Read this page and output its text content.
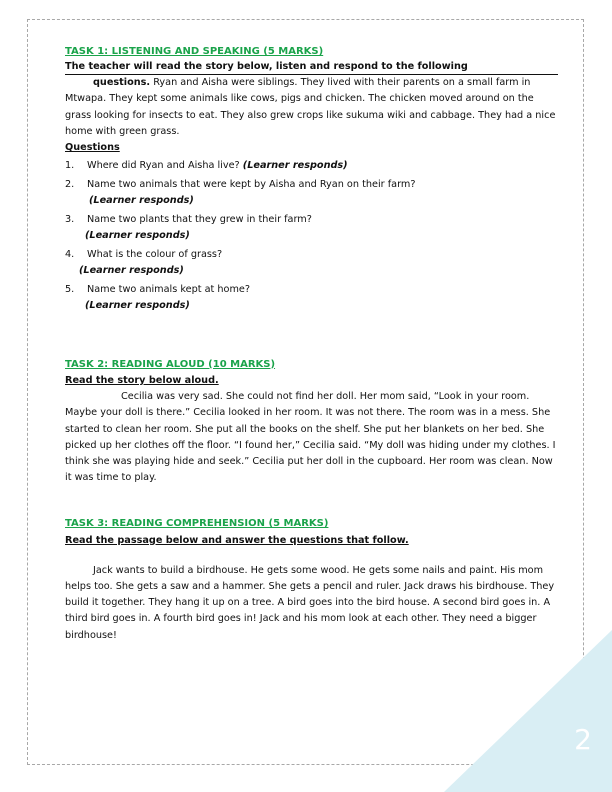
2

TASK 1: LISTENING AND SPEAKING (5 MARKS)

The teacher will read the story below, listen and respond to the following

questions. Ryan and Aisha were siblings. They lived with their parents on a small farm in Mtwapa. They kept some animals like cows, pigs and chicken. The chicken moved around on the grass looking for insects to eat. They also grew crops like sukuma wiki and cabbage. They had a nice home with green grass.

Questions

1. Where did Ryan and Aisha live? (Learner responds)
2. Name two animals that were kept by Aisha and Ryan on their farm?
(Learner responds)
3. Name two plants that they grew in their farm?
(Learner responds)
4. What is the colour of grass?
(Learner responds)
5. Name two animals kept at home?
(Learner responds)

TASK 2: READING ALOUD (10 MARKS)

Read the story below aloud.

Cecilia was very sad. She could not find her doll. Her mom said, “Look in your room. Maybe your doll is there.” Cecilia looked in her room. It was not there. The room was in a mess. She started to clean her room. She put all the books on the shelf. She put her blankets on her bed. She picked up her clothes off the floor. “I found her,” Cecilia said. “My doll was hiding under my clothes. I think she was playing hide and seek.” Cecilia put her doll in the cupboard. Her room was clean. Now it was time to play.

TASK 3: READING COMPREHENSION (5 MARKS)

Read the passage below and answer the questions that follow.

Jack wants to build a birdhouse. He gets some wood. He gets some nails and paint. His mom helps too. She gets a saw and a hammer. She gets a pencil and ruler. Jack draws his birdhouse. They build it together. They hang it up on a tree. A bird goes into the bird house. A second bird goes in. A third bird goes in. A fourth bird goes in! Jack and his mom look at each other. They need a bigger birdhouse!
